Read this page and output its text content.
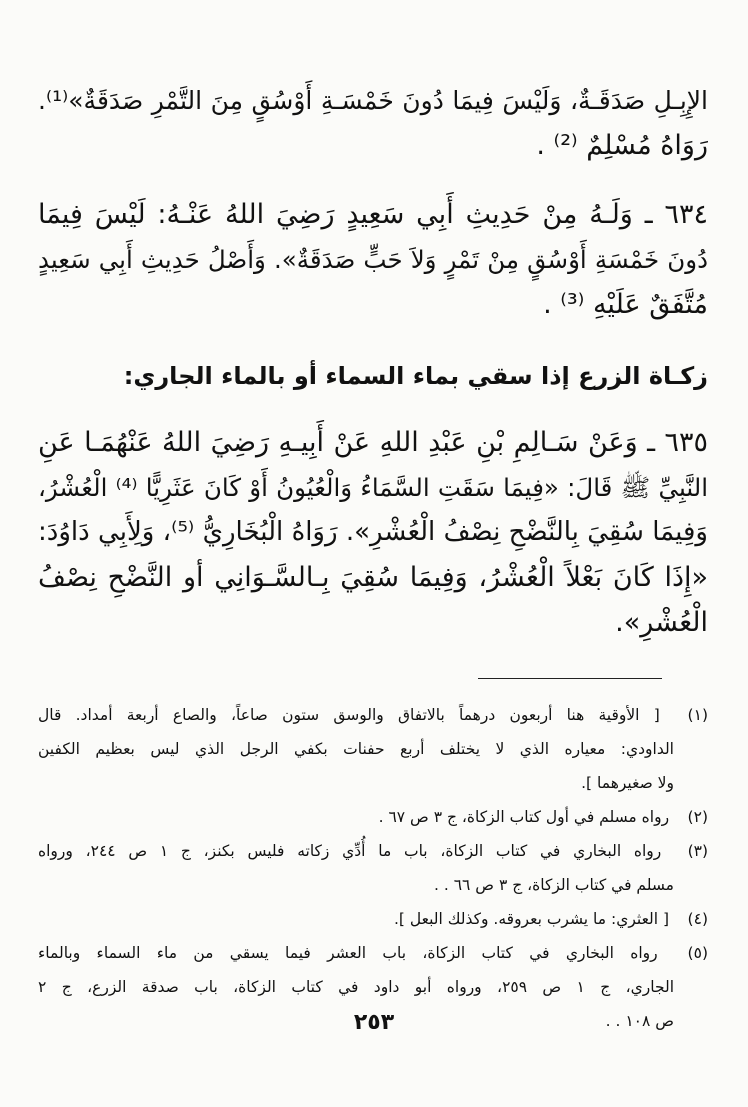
الإِبِـلِ صَدَقَـةٌ، وَلَيْسَ فِيمَا دُونَ خَمْسَـةِ أَوْسُقٍ مِنَ التَّمْرِ صَدَقَةٌ»⁽¹⁾.
رَوَاهُ مُسْلِمٌ ⁽²⁾ .
٦٣٤ ـ وَلَـهُ مِنْ حَدِيثِ أَبِي سَعِيدٍ رَضِيَ اللهُ عَنْـهُ: لَيْسَ فِيمَا
دُونَ خَمْسَةِ أَوْسُقٍ مِنْ تَمْرٍ وَلاَ حَبٍّ صَدَقَةٌ». وَأَصْلُ حَدِيثِ أَبِي سَعِيدٍ
مُتَّفَقٌ عَلَيْهِ ⁽³⁾ .
زكـاة الزرع إذا سقي بماء السماء أو بالماء الجاري:
٦٣٥ ـ وَعَنْ سَـالِمِ بْنِ عَبْدِ اللهِ عَنْ أَبِيـهِ رَضِيَ اللهُ عَنْهُمَـا عَنِ
النَّبِيِّ ﷺ قَالَ: «فِيمَا سَقَتِ السَّمَاءُ وَالْعُيُونُ أَوْ كَانَ عَثَرِيًّا ⁽⁴⁾ الْعُشْرُ،
وَفِيمَا سُقِيَ بِالنَّضْحِ نِصْفُ الْعُشْرِ». رَوَاهُ الْبُخَارِيُّ ⁽⁵⁾، وَلِأَبِي دَاوُدَ:
«إِذَا كَانَ بَعْلاً الْعُشْرُ، وَفِيمَا سُقِيَ بِـالسَّـوَانِي أو النَّضْحِ نِصْفُ
الْعُشْرِ».
(١) [ الأوقية هنا أربعون درهماً بالاتفاق والوسق ستون صاعاً، والصاع أربعة أمداد. قال
الداودي: معياره الذي لا يختلف أربع حفنات بكفي الرجل الذي ليس بعظيم الكفين
ولا صغيرهما ].
(٢) رواه مسلم في أول كتاب الزكاة، ج ٣ ص ٦٧ .
(٣) رواه البخاري في كتاب الزكاة، باب ما أُدِّي زكاته فليس بكنز، ج ١ ص ٢٤٤، ورواه
مسلم في كتاب الزكاة، ج ٣ ص ٦٦ . .
(٤) [ العثري: ما يشرب بعروقه. وكذلك البعل ].
(٥) رواه البخاري في كتاب الزكاة، باب العشر فيما يسقي من ماء السماء وبالماء
الجاري، ج ١ ص ٢٥٩، ورواه أبو داود في كتاب الزكاة، باب صدقة الزرع، ج ٢
ص ١٠٨ . .
٢٥٣
